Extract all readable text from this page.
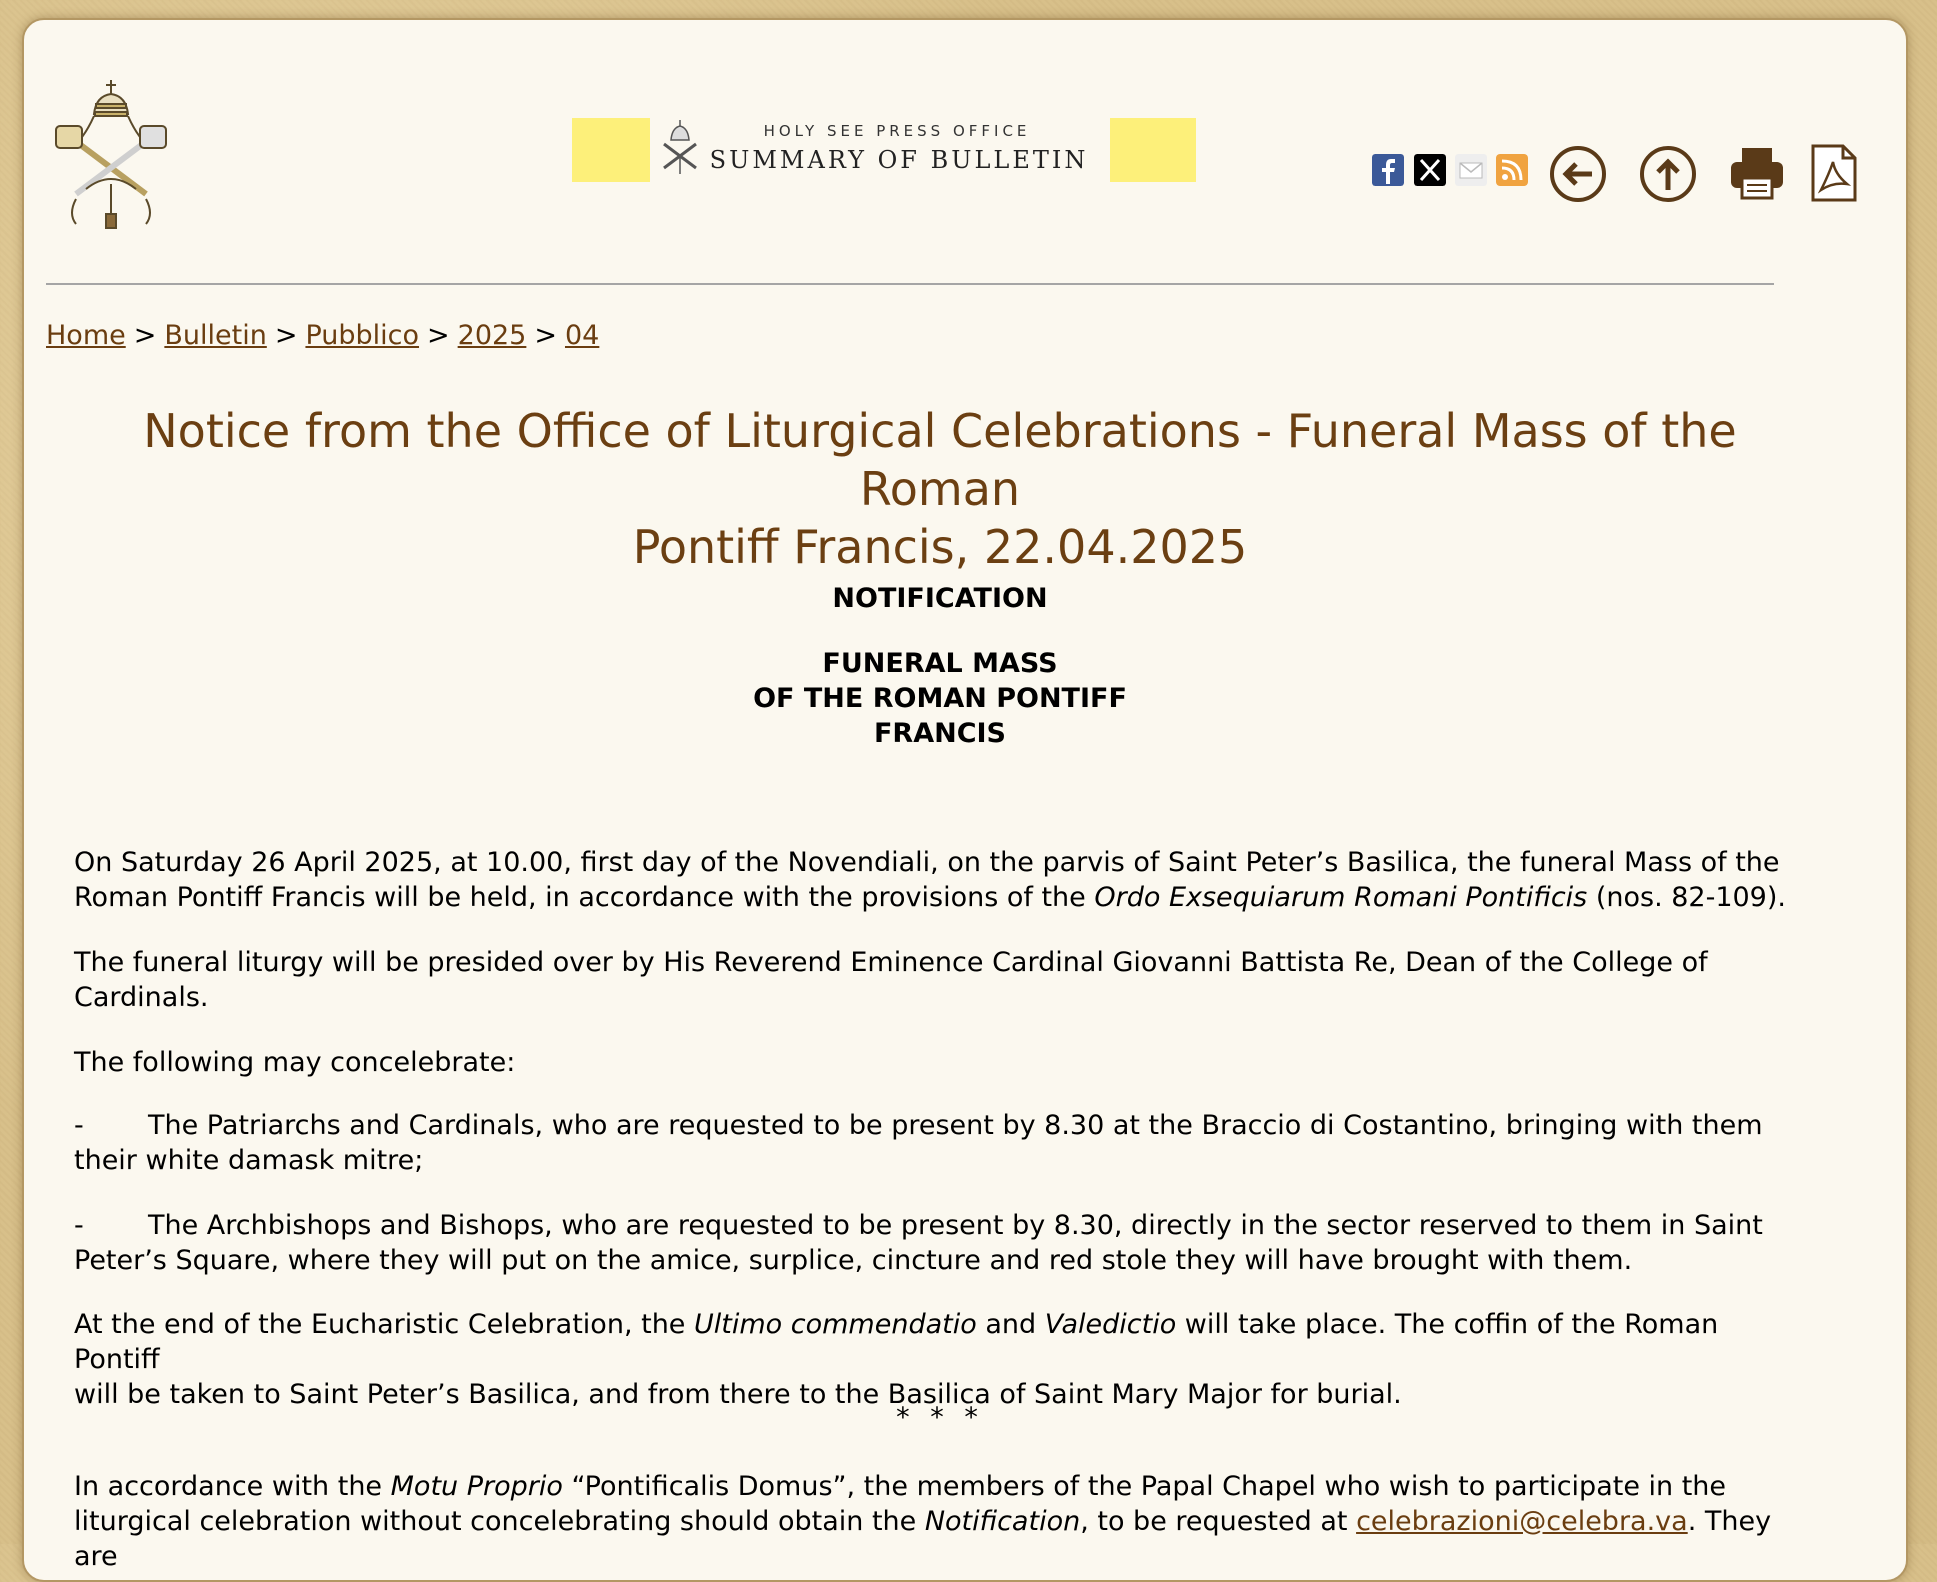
HOLY SEE PRESS OFFICE
SUMMARY OF BULLETIN
Home > Bulletin > Pubblico > 2025 > 04
Notice from the Office of Liturgical Celebrations - Funeral Mass of the Roman
Pontiff Francis, 22.04.2025
NOTIFICATION
FUNERAL MASS
OF THE ROMAN PONTIFF
FRANCIS
On Saturday 26 April 2025, at 10.00, first day of the Novendiali, on the parvis of Saint Peter’s Basilica, the funeral Mass of the
Roman Pontiff Francis will be held, in accordance with the provisions of the Ordo Exsequiarum Romani Pontificis (nos. 82-109).
The funeral liturgy will be presided over by His Reverend Eminence Cardinal Giovanni Battista Re, Dean of the College of
Cardinals.
The following may concelebrate:
- The Patriarchs and Cardinals, who are requested to be present by 8.30 at the Braccio di Costantino, bringing with them
their white damask mitre;
- The Archbishops and Bishops, who are requested to be present by 8.30, directly in the sector reserved to them in Saint
Peter’s Square, where they will put on the amice, surplice, cincture and red stole they will have brought with them.
At the end of the Eucharistic Celebration, the Ultimo commendatio and Valedictio will take place. The coffin of the Roman Pontiff
will be taken to Saint Peter’s Basilica, and from there to the Basilica of Saint Mary Major for burial.
* * *
In accordance with the Motu Proprio “Pontificalis Domus”, the members of the Papal Chapel who wish to participate in the
liturgical celebration without concelebrating should obtain the Notification, to be requested at celebrazioni@celebra.va. They are
